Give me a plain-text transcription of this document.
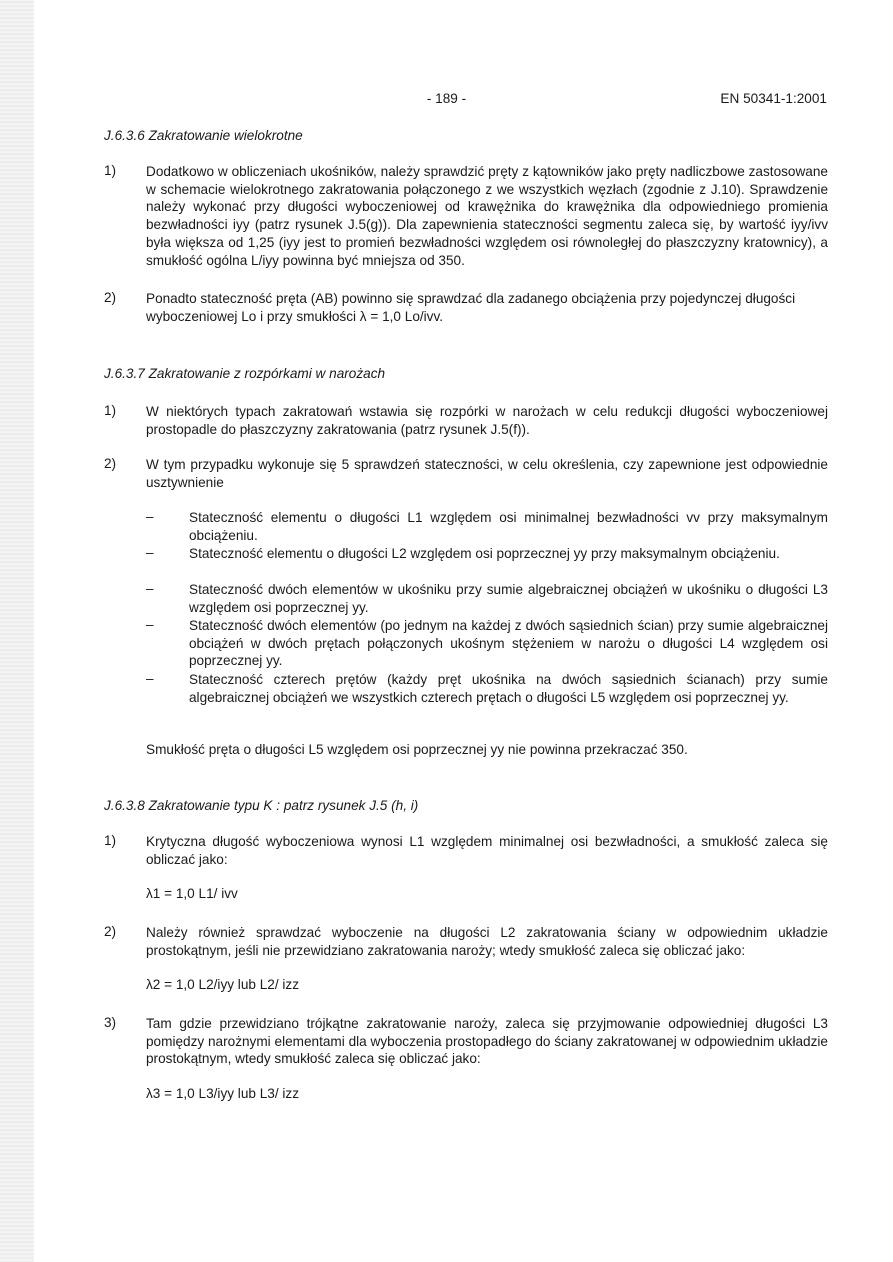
- 189 -	EN 50341-1:2001
J.6.3.6 Zakratowanie wielokrotne
1) Dodatkowo w obliczeniach ukośników, należy sprawdzić pręty z kątowników jako pręty nadliczbowe zastosowane w schemacie wielokrotnego zakratowania połączonego z we wszystkich węzłach (zgodnie z J.10). Sprawdzenie należy wykonać przy długości wyboczeniowej od krawężnika do krawężnika dla odpowiedniego promienia bezwładności iyy (patrz rysunek J.5(g)). Dla zapewnienia stateczności segmentu zaleca się, by wartość iyy/ivv była większa od 1,25 (iyy jest to promień bezwładności względem osi równoległej do płaszczyzny kratownicy), a smukłość ogólna L/iyy powinna być mniejsza od 350.
2) Ponadto stateczność pręta (AB) powinno się sprawdzać dla zadanego obciążenia przy pojedynczej długości wyboczeniowej Lo i przy smukłości λ = 1,0 Lo/ivv.
J.6.3.7 Zakratowanie z rozpórkami w narożach
1) W niektórych typach zakratowań wstawia się rozpórki w narożach w celu redukcji długości wyboczeniowej prostopadle do płaszczyzny zakratowania (patrz rysunek J.5(f)).
2) W tym przypadku wykonuje się 5 sprawdzeń stateczności, w celu określenia, czy zapewnione jest odpowiednie usztywnienie
–	Stateczność elementu o długości L1 względem osi minimalnej bezwładności vv przy maksymalnym obciążeniu.
–	Stateczność elementu o długości L2 względem osi poprzecznej yy przy maksymalnym obciążeniu.
–	Stateczność dwóch elementów w ukośniku przy sumie algebraicznej obciążeń w ukośniku o długości L3 względem osi poprzecznej yy.
–	Stateczność dwóch elementów (po jednym na każdej z dwóch sąsiednich ścian) przy sumie algebraicznej obciążeń w dwóch prętach połączonych ukośnym stężeniem w narożu o długości L4 względem osi poprzecznej yy.
–	Stateczność czterech prętów (każdy pręt ukośnika na dwóch sąsiednich ścianach) przy sumie algebraicznej obciążeń we wszystkich czterech prętach o długości L5 względem osi poprzecznej yy.
Smukłość pręta o długości L5 względem osi poprzecznej yy nie powinna przekraczać 350.
J.6.3.8 Zakratowanie typu K : patrz rysunek J.5 (h, i)
1) Krytyczna długość wyboczeniowa wynosi L1 względem minimalnej osi bezwładności, a smukłość zaleca się obliczać jako:
λ1 = 1,0 L1/ ivv
2) Należy również sprawdzać wyboczenie na długości L2 zakratowania ściany w odpowiednim układzie prostokątnym, jeśli nie przewidziano zakratowania naroży; wtedy smukłość zaleca się obliczać jako:
λ2 = 1,0 L2/iyy lub L2/ izz
3) Tam gdzie przewidziano trójkątne zakratowanie naroży, zaleca się przyjmowanie odpowiedniej długości L3 pomiędzy narożnymi elementami dla wyboczenia prostopadłego do ściany zakratowanej w odpowiednim układzie prostokątnym, wtedy smukłość zaleca się obliczać jako:
λ3 = 1,0 L3/iyy lub L3/ izz
